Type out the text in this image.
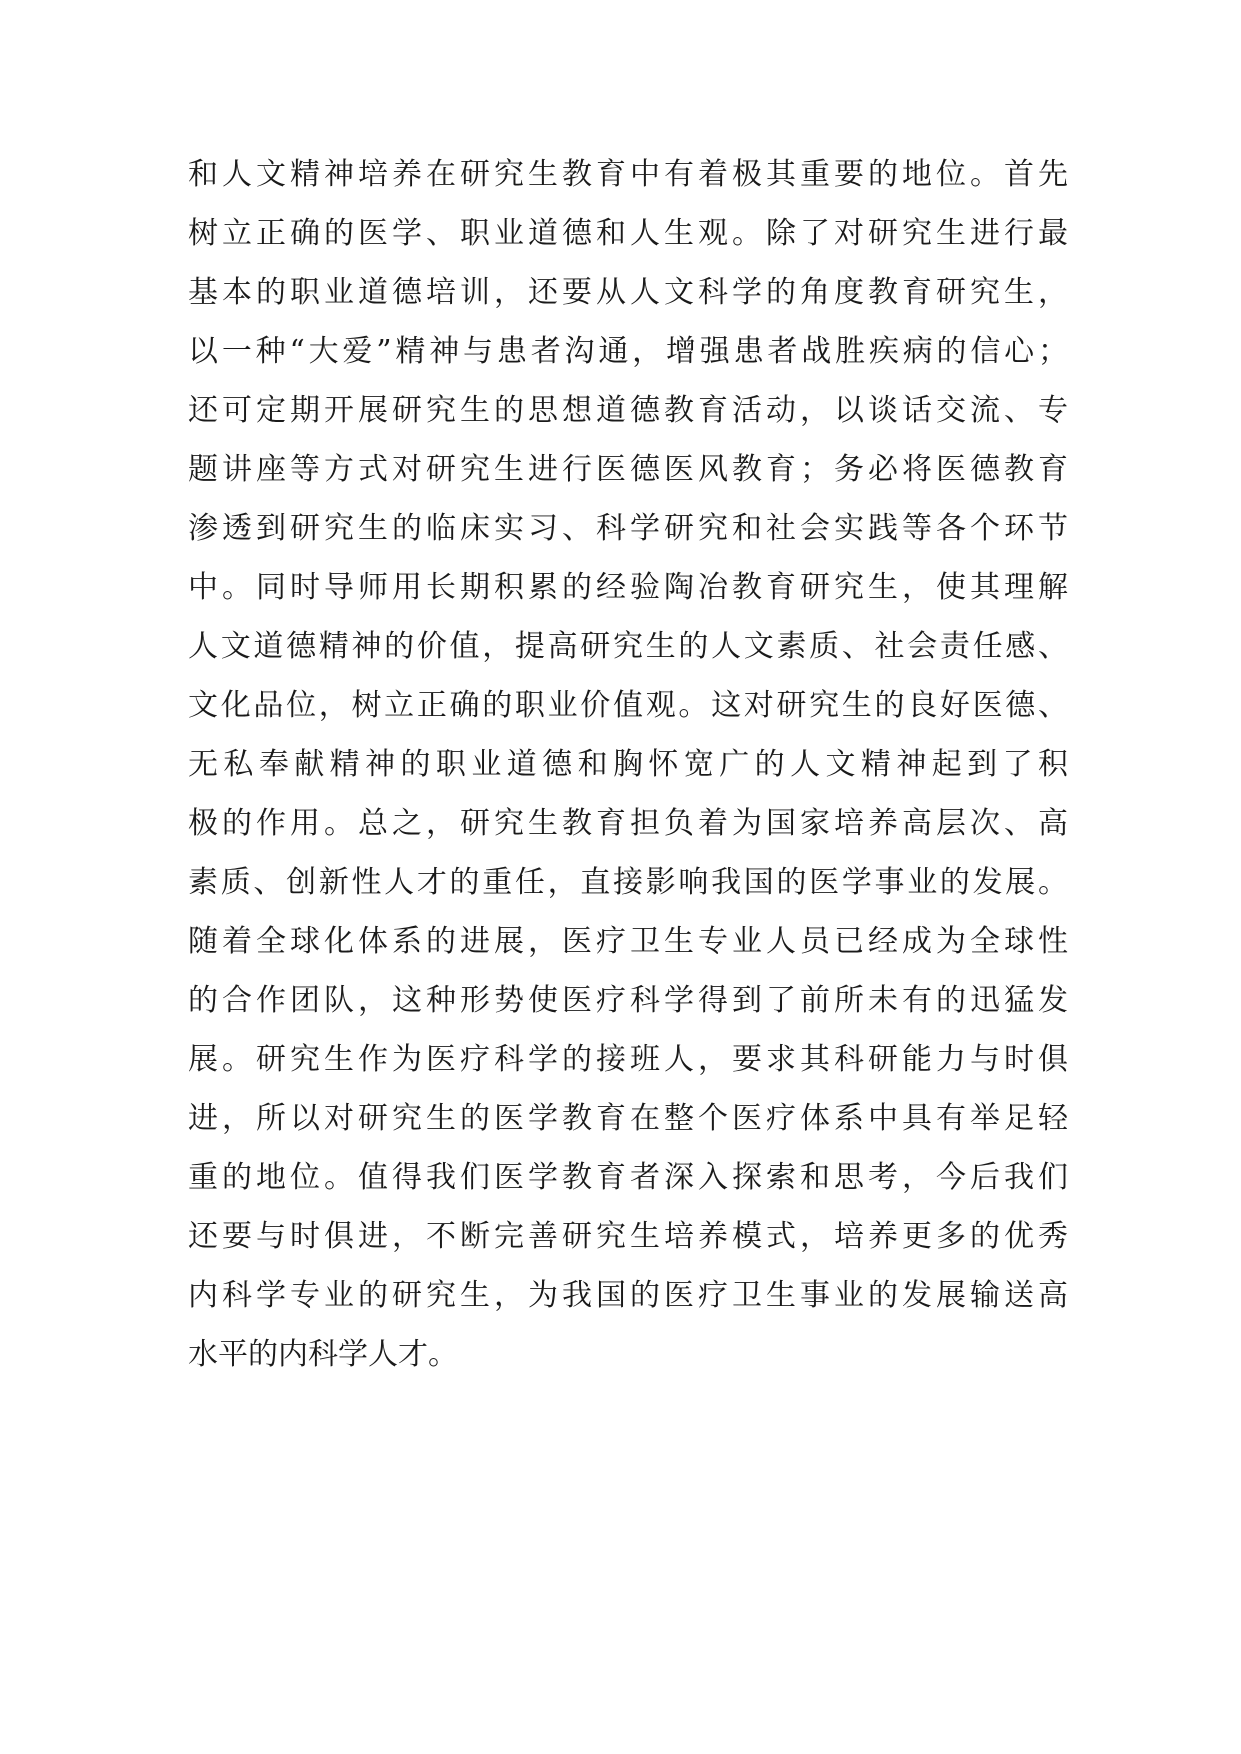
和人文精神培养在研究生教育中有着极其重要的地位。首先
树立正确的医学、职业道德和人生观。除了对研究生进行最
基本的职业道德培训，还要从人文科学的角度教育研究生，
以一种“大爱”精神与患者沟通，增强患者战胜疾病的信心；
还可定期开展研究生的思想道德教育活动，以谈话交流、专
题讲座等方式对研究生进行医德医风教育；务必将医德教育
渗透到研究生的临床实习、科学研究和社会实践等各个环节
中。同时导师用长期积累的经验陶冶教育研究生，使其理解
人文道德精神的价值，提高研究生的人文素质、社会责任感、
文化品位，树立正确的职业价值观。这对研究生的良好医德、
无私奉献精神的职业道德和胸怀宽广的人文精神起到了积
极的作用。总之，研究生教育担负着为国家培养高层次、高
素质、创新性人才的重任，直接影响我国的医学事业的发展。
随着全球化体系的进展，医疗卫生专业人员已经成为全球性
的合作团队，这种形势使医疗科学得到了前所未有的迅猛发
展。研究生作为医疗科学的接班人，要求其科研能力与时俱
进，所以对研究生的医学教育在整个医疗体系中具有举足轻
重的地位。值得我们医学教育者深入探索和思考，今后我们
还要与时俱进，不断完善研究生培养模式，培养更多的优秀
内科学专业的研究生，为我国的医疗卫生事业的发展输送高
水平的内科学人才。
